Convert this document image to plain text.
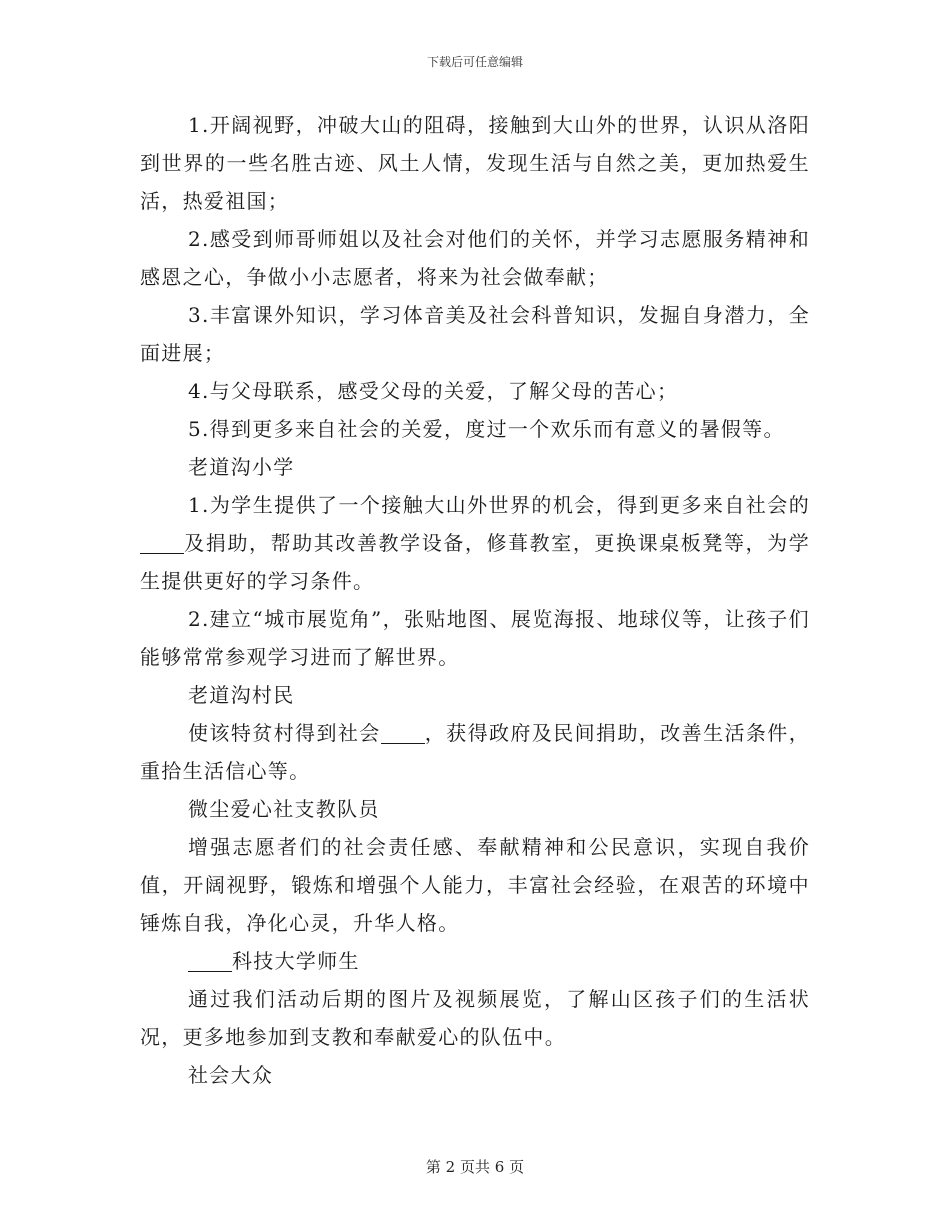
下载后可任意编辑

1.开阔视野，冲破大山的阻碍，接触到大山外的世界，认识从洛阳到世界的一些名胜古迹、风土人情，发现生活与自然之美，更加热爱生活，热爱祖国；

2.感受到师哥师姐以及社会对他们的关怀，并学习志愿服务精神和感恩之心，争做小小志愿者，将来为社会做奉献；

3.丰富课外知识，学习体音美及社会科普知识，发掘自身潜力，全面进展；

4.与父母联系，感受父母的关爱，了解父母的苦心；

5.得到更多来自社会的关爱，度过一个欢乐而有意义的暑假等。

老道沟小学

1.为学生提供了一个接触大山外世界的机会，得到更多来自社会的及捐助，帮助其改善教学设备，修葺教室，更换课桌板凳等，为学生提供更好的学习条件。

2.建立“城市展览角”，张贴地图、展览海报、地球仪等，让孩子们能够常常参观学习进而了解世界。

老道沟村民

使该特贫村得到社会 ，获得政府及民间捐助，改善生活条件，重拾生活信心等。

微尘爱心社支教队员

增强志愿者们的社会责任感、奉献精神和公民意识，实现自我价值，开阔视野，锻炼和增强个人能力，丰富社会经验，在艰苦的环境中锤炼自我，净化心灵，升华人格。

科技大学师生

通过我们活动后期的图片及视频展览，了解山区孩子们的生活状况，更多地参加到支教和奉献爱心的队伍中。

社会大众

第 2 页共 6 页
